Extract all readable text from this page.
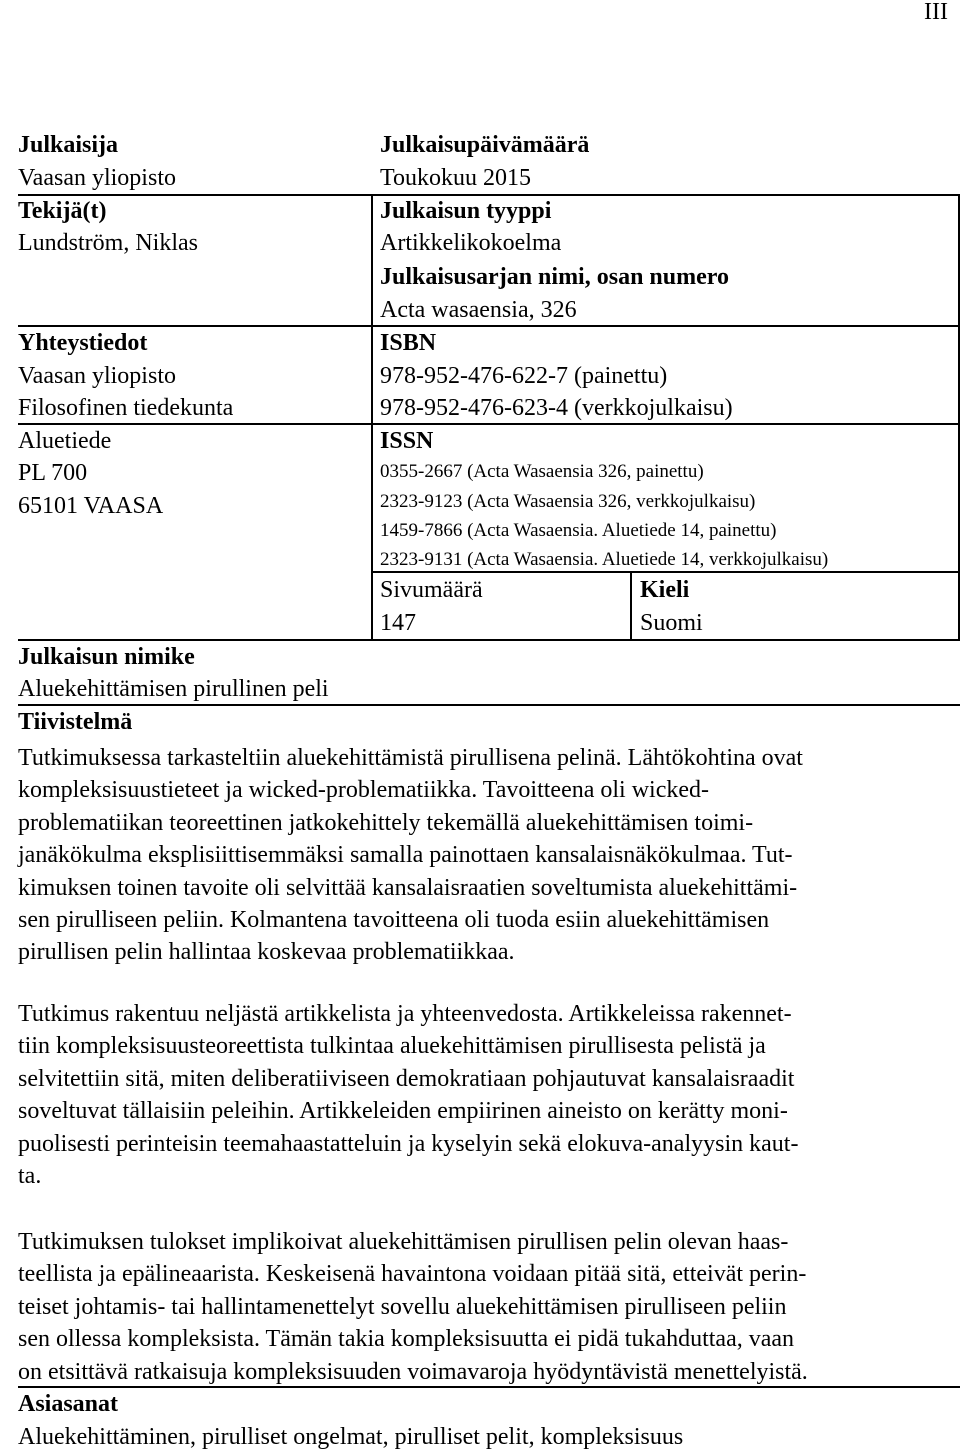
III
Julkaisija
Vaasan yliopisto
Tekijä(t)
Lundström, Niklas
Yhteystiedot
Vaasan yliopisto
Filosofinen tiedekunta
Aluetiede
PL 700
65101 VAASA
Julkaisupäivämäärä
Toukokuu 2015
Julkaisun tyyppi
Artikkelikokoelma
Julkaisusarjan nimi, osan numero
Acta wasaensia, 326
ISBN
978-952-476-622-7 (painettu)
978-952-476-623-4 (verkkojulkaisu)
ISSN
0355-2667 (Acta Wasaensia 326, painettu)
2323-9123 (Acta Wasaensia 326, verkkojulkaisu)
1459-7866 (Acta Wasaensia. Aluetiede 14, painettu)
2323-9131 (Acta Wasaensia. Aluetiede 14, verkkojulkaisu)
Sivumäärä
147
Kieli
Suomi
Julkaisun nimike
Aluekehittämisen pirullinen peli
Tiivistelmä
Tutkimuksessa tarkasteltiin aluekehittämistä pirullisena pelinä. Lähtökohtina ovat
kompleksisuustieteet ja wicked-problematiikka. Tavoitteena oli wicked-
problematiikan teoreettinen jatkokehittely tekemällä aluekehittämisen toimi-
janäkökulma eksplisiittisemmäksi samalla painottaen kansalaisnäkökulmaa. Tut-
kimuksen toinen tavoite oli selvittää kansalaisraatien soveltumista aluekehittämi-
sen pirulliseen peliin. Kolmantena tavoitteena oli tuoda esiin aluekehittämisen
pirullisen pelin hallintaa koskevaa problematiikkaa.
Tutkimus rakentuu neljästä artikkelista ja yhteenvedosta. Artikkeleissa rakennet-
tiin kompleksisuusteoreettista tulkintaa aluekehittämisen pirullisesta pelistä ja
selvitettiin sitä, miten deliberatiiviseen demokratiaan pohjautuvat kansalaisraadit
soveltuvat tällaisiin peleihin. Artikkeleiden empiirinen aineisto on kerätty moni-
puolisesti perinteisin teemahaastatteluin ja kyselyin sekä elokuva-analyysin kaut-
ta.
Tutkimuksen tulokset implikoivat aluekehittämisen pirullisen pelin olevan haas-
teellista ja epälineaarista. Keskeisenä havaintona voidaan pitää sitä, etteivät perin-
teiset johtamis- tai hallintamenettelyt sovellu aluekehittämisen pirulliseen peliin
sen ollessa kompleksista. Tämän takia kompleksisuutta ei pidä tukahduttaa, vaan
on etsittävä ratkaisuja kompleksisuuden voimavaroja hyödyntävistä menettelyistä.
Asiasanat
Aluekehittäminen, pirulliset ongelmat, pirulliset pelit, kompleksisuus
